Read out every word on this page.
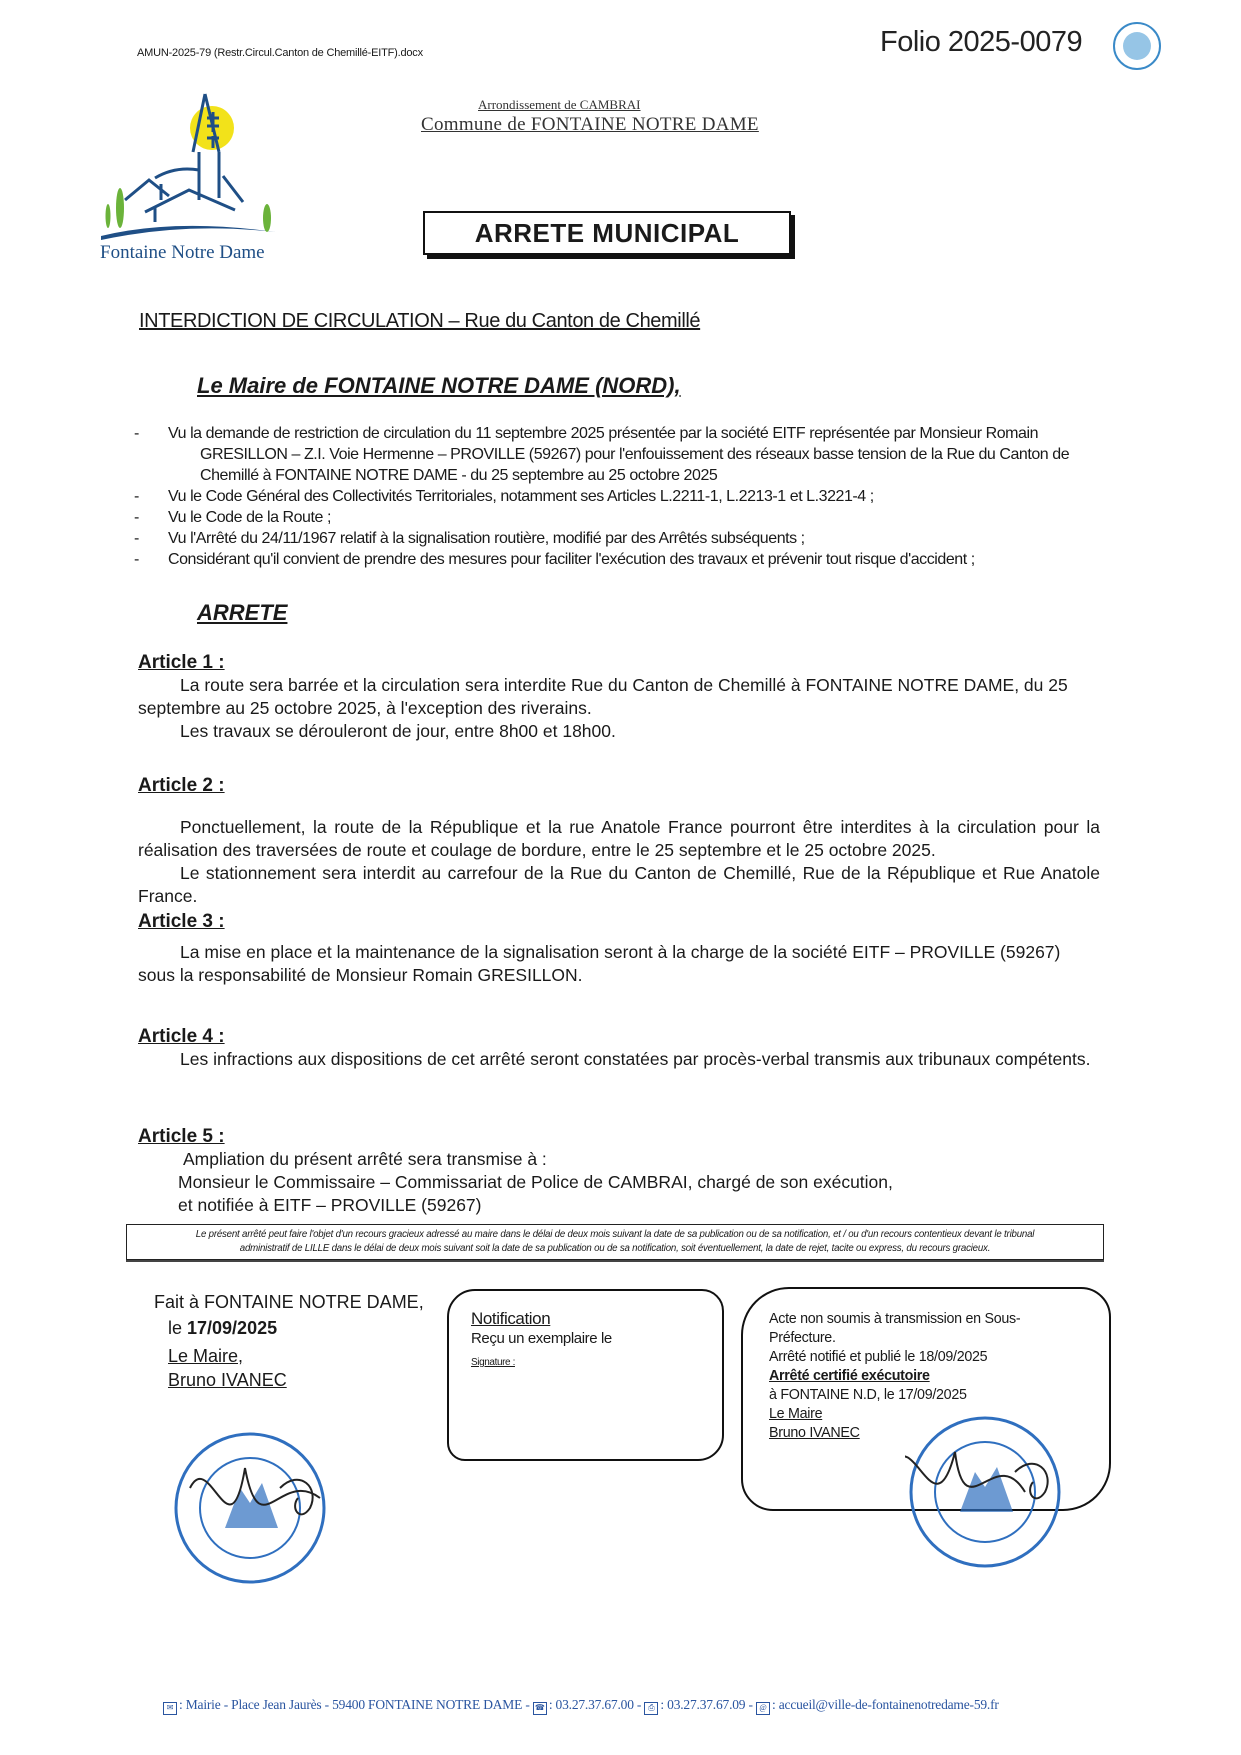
AMUN-2025-79 (Restr.Circul.Canton de Chemillé-EITF).docx	Folio 2025-0079
Fontaine Notre Dame
Arrondissement de CAMBRAI
Commune de FONTAINE NOTRE DAME
ARRETE MUNICIPAL
INTERDICTION DE CIRCULATION – Rue du Canton de Chemillé
Le Maire de FONTAINE NOTRE DAME (NORD),
-	Vu la demande de restriction de circulation du 11 septembre 2025 présentée par la société EITF représentée par Monsieur Romain
GRESILLON – Z.I. Voie Hermenne – PROVILLE (59267) pour l'enfouissement des réseaux basse tension de la Rue du Canton de Chemillé à FONTAINE NOTRE DAME - du 25 septembre au 25 octobre 2025
-	Vu le Code Général des Collectivités Territoriales, notamment ses Articles L.2211-1, L.2213-1 et L.3221-4 ;
-	Vu le Code de la Route ;
-	Vu l'Arrêté du 24/11/1967 relatif à la signalisation routière, modifié par des Arrêtés subséquents ;
-	Considérant qu'il convient de prendre des mesures pour faciliter l'exécution des travaux et prévenir tout risque d'accident ;
ARRETE
Article 1 :
La route sera barrée et la circulation sera interdite Rue du Canton de Chemillé à FONTAINE NOTRE DAME, du 25 septembre au 25 octobre 2025, à l'exception des riverains.
Les travaux se dérouleront de jour, entre 8h00 et 18h00.
Article 2 :
Ponctuellement, la route de la République et la rue Anatole France pourront être interdites à la circulation pour la réalisation des traversées de route et coulage de bordure, entre le 25 septembre et le 25 octobre 2025.
Le stationnement sera interdit au carrefour de la Rue du Canton de Chemillé, Rue de la République et Rue Anatole France.
Article 3 :
La mise en place et la maintenance de la signalisation seront à la charge de la société EITF – PROVILLE (59267) sous la responsabilité de Monsieur Romain GRESILLON.
Article 4 :
Les infractions aux dispositions de cet arrêté seront constatées par procès-verbal transmis aux tribunaux compétents.
Article 5 :
Ampliation du présent arrêté sera transmise à :
Monsieur le Commissaire – Commissariat de Police de CAMBRAI, chargé de son exécution,
et notifiée à EITF – PROVILLE (59267)
Le présent arrêté peut faire l'objet d'un recours gracieux adressé au maire dans le délai de deux mois suivant la date de sa publication ou de sa notification, et / ou d'un recours contentieux devant le tribunal
administratif de LILLE dans le délai de deux mois suivant soit la date de sa publication ou de sa notification, soit éventuellement, la date de rejet, tacite ou express, du recours gracieux.
Fait à FONTAINE NOTRE DAME,
le 17/09/2025
Le Maire,
Bruno IVANEC
Notification
Reçu un exemplaire le
Signature :
Acte non soumis à transmission en Sous-
Préfecture.
Arrêté notifié et publié le 18/09/2025
Arrêté certifié exécutoire
à FONTAINE N.D, le 17/09/2025
Le Maire
Bruno IVANEC
✉ : Mairie - Place Jean Jaurès - 59400 FONTAINE NOTRE DAME - ☎ : 03.27.37.67.00 - ⎙ : 03.27.37.67.09 - @ : accueil@ville-de-fontainenotredame-59.fr
